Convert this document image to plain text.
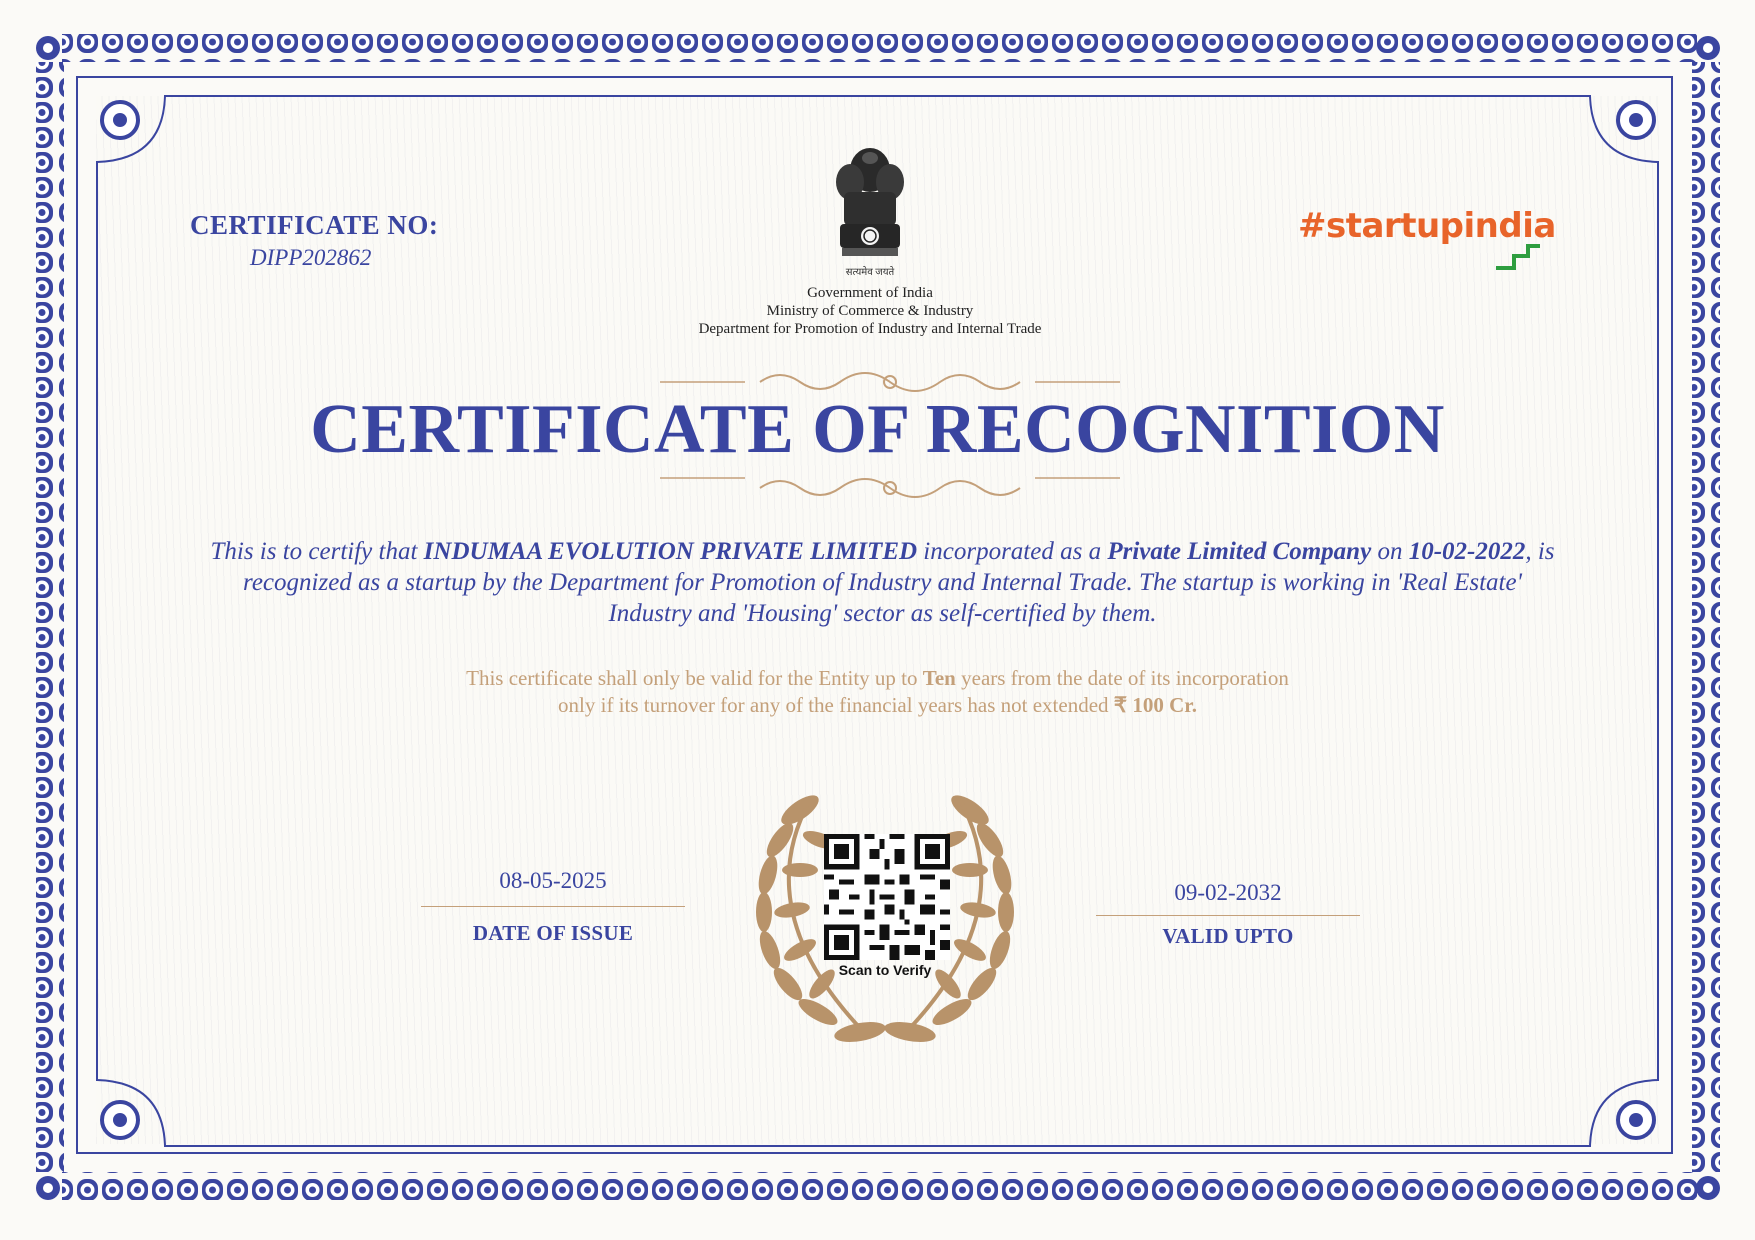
CERTIFICATE NO:
DIPP202862
सत्यमेव जयते
Government of India
Ministry of Commerce & Industry
Department for Promotion of Industry and Internal Trade
#startupindia
CERTIFICATE OF RECOGNITION
This is to certify that INDUMAA EVOLUTION PRIVATE LIMITED incorporated as a Private Limited Company on 10-02-2022, is recognized as a startup by the Department for Promotion of Industry and Internal Trade. The startup is working in 'Real Estate' Industry and 'Housing' sector as self-certified by them.
This certificate shall only be valid for the Entity up to Ten years from the date of its incorporation
only if its turnover for any of the financial years has not extended ₹ 100 Cr.
08-05-2025
DATE OF ISSUE
09-02-2032
VALID UPTO
Scan to Verify
